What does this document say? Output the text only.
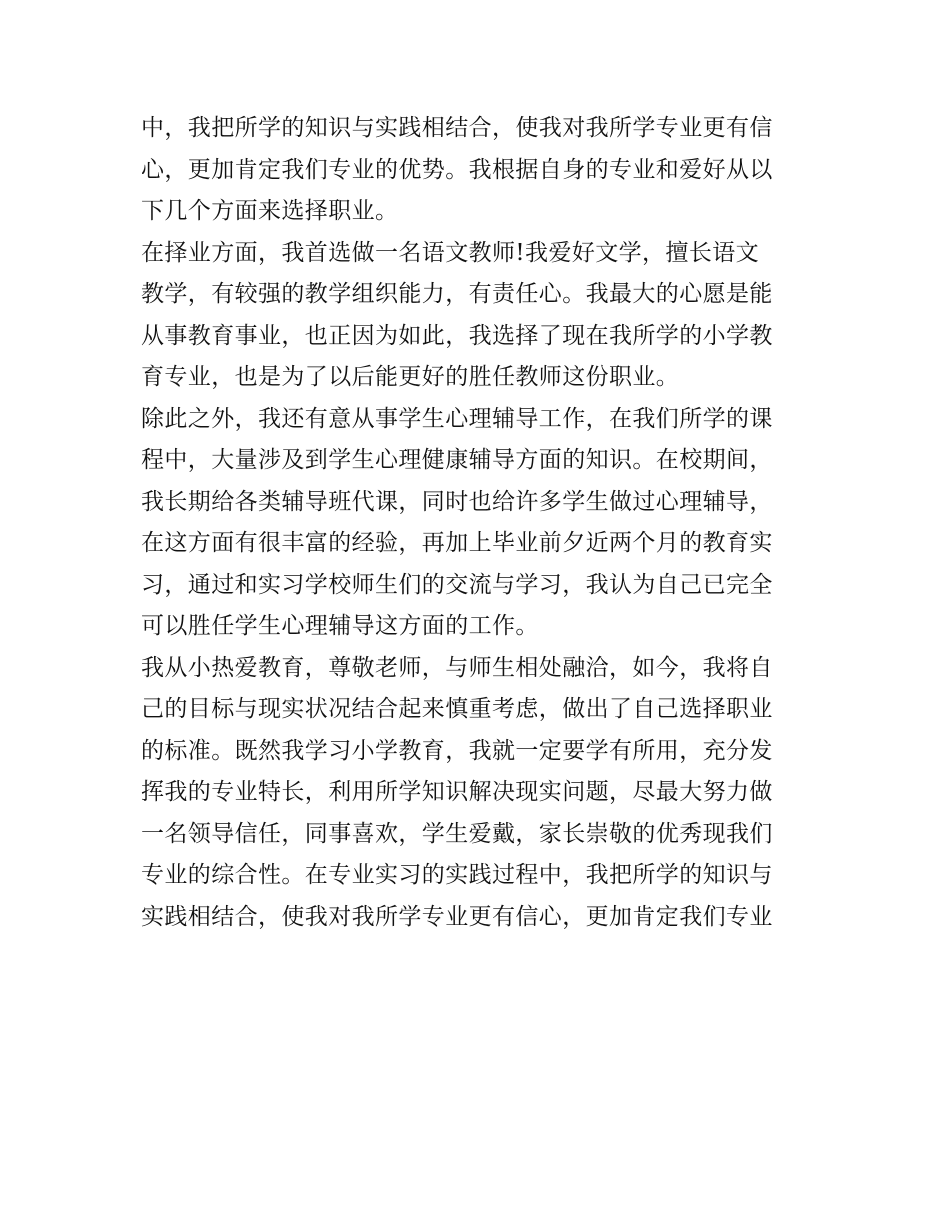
中，我把所学的知识与实践相结合，使我对我所学专业更有信
心，更加肯定我们专业的优势。我根据自身的专业和爱好从以
下几个方面来选择职业。
在择业方面，我首选做一名语文教师!我爱好文学，擅长语文
教学，有较强的教学组织能力，有责任心。我最大的心愿是能
从事教育事业，也正因为如此，我选择了现在我所学的小学教
育专业，也是为了以后能更好的胜任教师这份职业。
除此之外，我还有意从事学生心理辅导工作，在我们所学的课
程中，大量涉及到学生心理健康辅导方面的知识。在校期间，
我长期给各类辅导班代课，同时也给许多学生做过心理辅导，
在这方面有很丰富的经验，再加上毕业前夕近两个月的教育实
习，通过和实习学校师生们的交流与学习，我认为自己已完全
可以胜任学生心理辅导这方面的工作。
我从小热爱教育，尊敬老师，与师生相处融洽，如今，我将自
己的目标与现实状况结合起来慎重考虑，做出了自己选择职业
的标准。既然我学习小学教育，我就一定要学有所用，充分发
挥我的专业特长，利用所学知识解决现实问题，尽最大努力做
一名领导信任，同事喜欢，学生爱戴，家长崇敬的优秀现我们
专业的综合性。在专业实习的实践过程中，我把所学的知识与
实践相结合，使我对我所学专业更有信心，更加肯定我们专业
